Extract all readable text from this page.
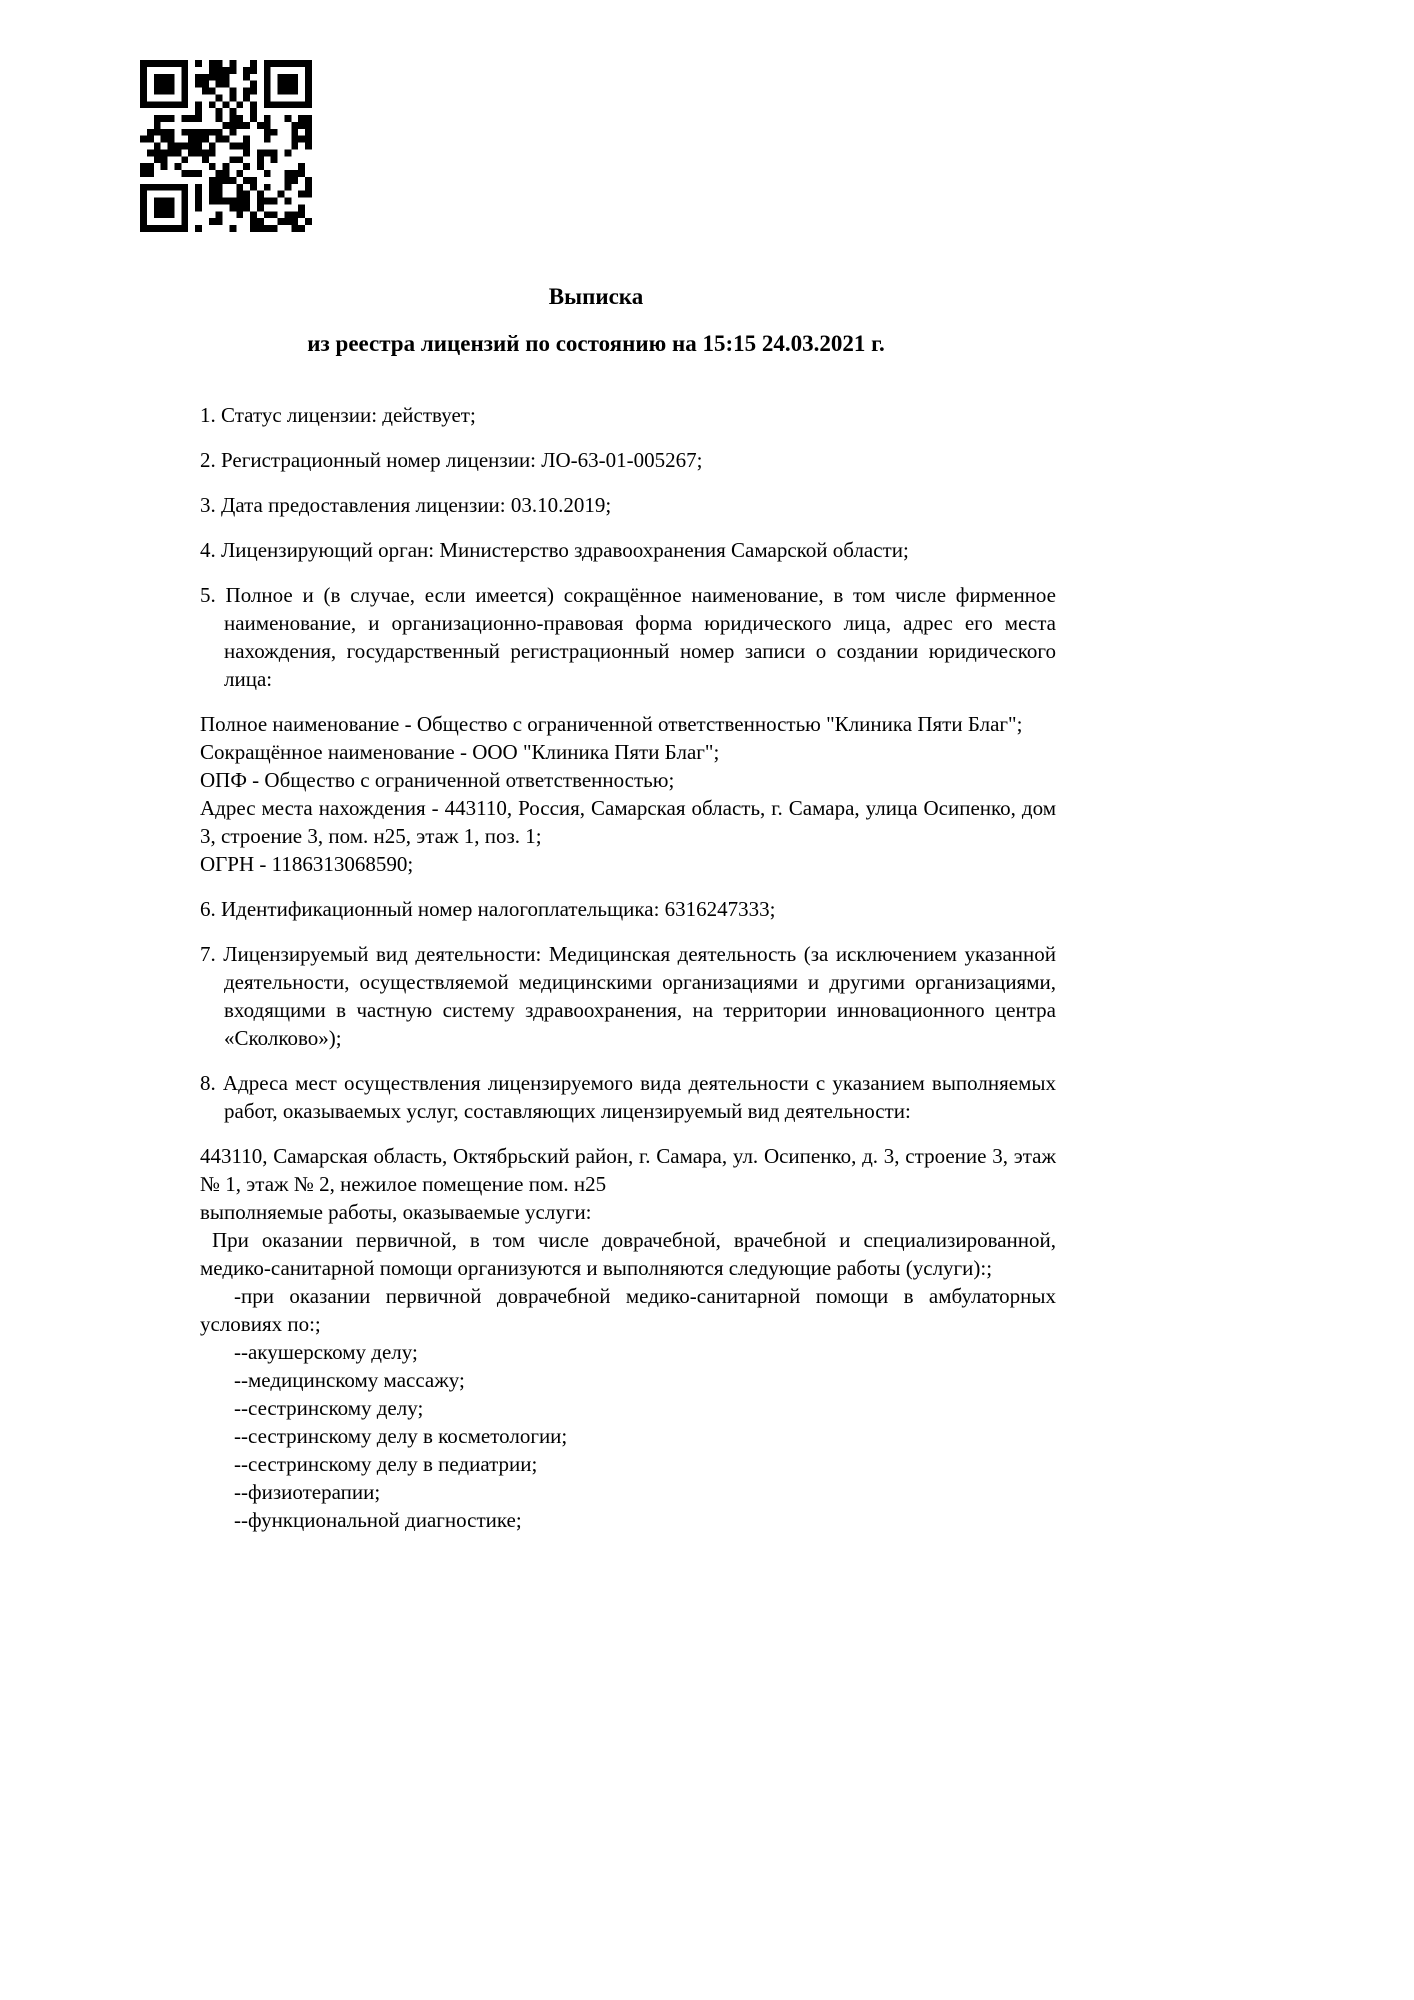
Выписка
из реестра лицензий по состоянию на 15:15 24.03.2021 г.
1. Статус лицензии: действует;
2. Регистрационный номер лицензии: ЛО-63-01-005267;
3. Дата предоставления лицензии: 03.10.2019;
4. Лицензирующий орган: Министерство здравоохранения Самарской области;
5. Полное и (в случае, если имеется) сокращённое наименование, в том числе фирменное наименование, и организационно-правовая форма юридического лица, адрес его места нахождения, государственный регистрационный номер записи о создании юридического лица:
Полное наименование - Общество с ограниченной ответственностью "Клиника Пяти Благ";
Сокращённое наименование - ООО "Клиника Пяти Благ";
ОПФ - Общество с ограниченной ответственностью;
Адрес места нахождения - 443110, Россия, Самарская область, г. Самара, улица Осипенко, дом 3, строение 3, пом. н25, этаж 1, поз. 1;
ОГРН - 1186313068590;
6. Идентификационный номер налогоплательщика: 6316247333;
7. Лицензируемый вид деятельности: Медицинская деятельность (за исключением указанной деятельности, осуществляемой медицинскими организациями и другими организациями, входящими в частную систему здравоохранения, на территории инновационного центра «Сколково»);
8. Адреса мест осуществления лицензируемого вида деятельности с указанием выполняемых работ, оказываемых услуг, составляющих лицензируемый вид деятельности:
443110, Самарская область, Октябрьский район, г. Самара, ул. Осипенко, д. 3, строение 3, этаж № 1, этаж № 2, нежилое помещение пом. н25
выполняемые работы, оказываемые услуги:
При оказании первичной, в том числе доврачебной, врачебной и специализированной, медико-санитарной помощи организуются и выполняются следующие работы (услуги):;
-при оказании первичной доврачебной медико-санитарной помощи в амбулаторных условиях по:;
--акушерскому делу;
--медицинскому массажу;
--сестринскому делу;
--сестринскому делу в косметологии;
--сестринскому делу в педиатрии;
--физиотерапии;
--функциональной диагностике;
